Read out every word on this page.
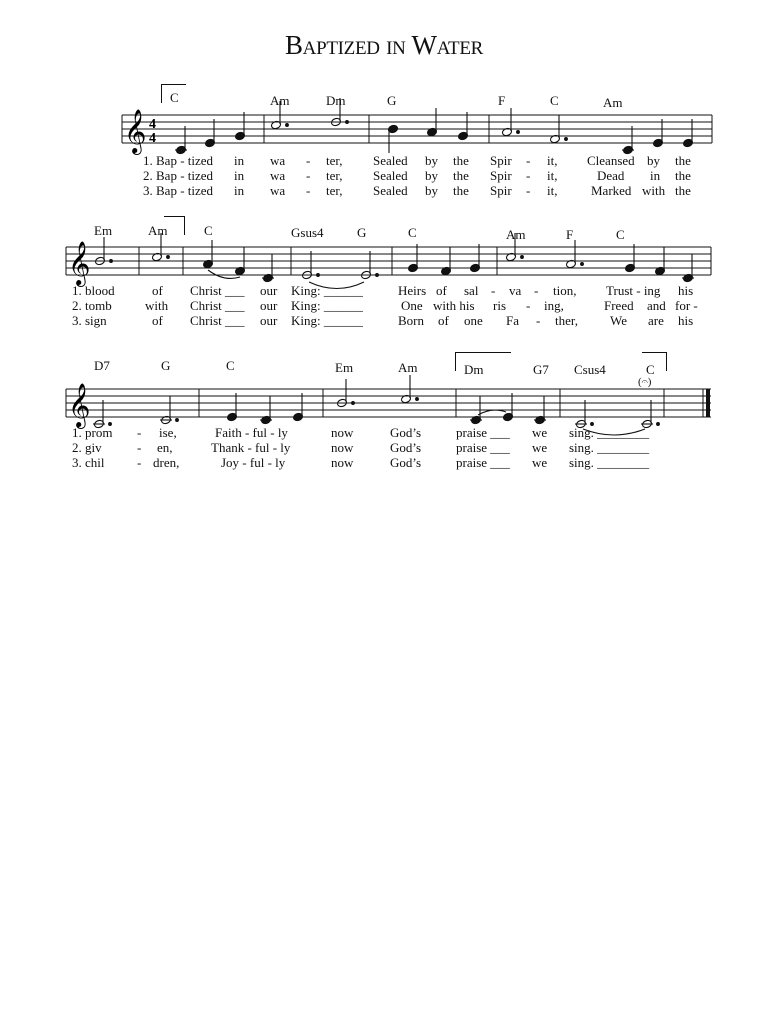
Baptized in Water
C	Am	Dm	G	F	C	Am
𝄞 4
4
1. Bap - tized in wa - ter, Sealed by the Spir - it, Cleansed by the
2. Bap - tized in wa - ter, Sealed by the Spir - it,	Dead in the
3. Bap - tized in wa - ter, Sealed by the Spir - it,	Marked with the
Em	Am	C	Gsus4	G	C	Am	F	C
𝄞
1. blood	of Christ ___ our King: ______	Heirs of sal - va - tion, Trust - ing his
2. tomb	with Christ ___ our King: ______	One with his ris - ing,	Freed and for -
3. sign	of Christ ___ our King: ______	Born of one Fa - ther, We are his
D7	G	C	Em	Am	Dm	G7 Csus4	C
(𝄐)
𝄞
1. prom - ise,	Faith - ful - ly	now	God’s	praise ___ we sing. ________
2. giv	- en,	Thank - ful - ly	now	God’s	praise ___ we sing. ________
3. chil	- dren,	Joy - ful - ly	now	God’s	praise ___ we sing. ________
